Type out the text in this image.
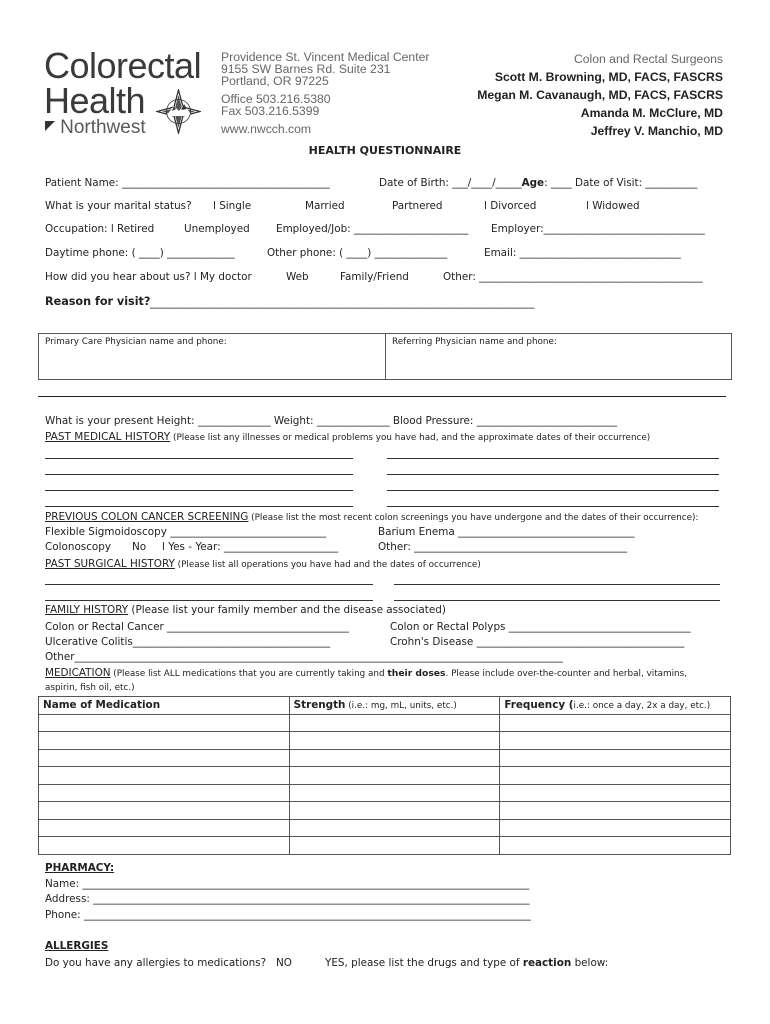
Colorectal
Health
Northwest
Providence St. Vincent Medical Center
9155 SW Barnes Rd. Suite 231
Portland, OR 97225
Office 503.216.5380
Fax 503.216.5399
www.nwcch.com
Colon and Rectal Surgeons
Scott M. Browning, MD, FACS, FASCRS
Megan M. Cavanaugh, MD, FACS, FASCRS
Amanda M. McClure, MD
Jeffrey V. Manchio, MD
HEALTH QUESTIONNAIRE
Patient Name: ________________________________________	Date of Birth: ___/____/_____Age: ____ Date of Visit: __________
What is your marital status? l Single	Married	Partnered	l Divorced	l Widowed
Occupation: l Retired	Unemployed	Employed/Job: ______________________ Employer:_______________________________
Daytime phone: ( ____) _____________	Other phone: ( ____) ______________	Email: _______________________________
How did you hear about us? l My doctor	Web	Family/Friend	Other: ___________________________________________
Reason for visit? __________________________________________________________________________
Primary Care Physician name and phone:	Referring Physician name and phone:
What is your present Height: ______________ Weight: ______________ Blood Pressure: ___________________________
PAST MEDICAL HISTORY (Please list any illnesses or medical problems you have had, and the approximate dates of their occurrence)
PREVIOUS COLON CANCER SCREENING (Please list the most recent colon screenings you have undergone and the dates of their occurrence):
Flexible Sigmoidoscopy ______________________________	Barium Enema __________________________________
Colonoscopy No l Yes - Year: ______________________	Other: _________________________________________
PAST SURGICAL HISTORY (Please list all operations you have had and the dates of occurrence)
FAMILY HISTORY (Please list your family member and the disease associated)
Colon or Rectal Cancer ___________________________________	Colon or Rectal Polyps ___________________________________
Ulcerative Colitis______________________________________	Crohn's Disease ________________________________________
Other______________________________________________________________________________________________
MEDICATION (Please list ALL medications that you are currently taking and their doses. Please include over-the-counter and herbal, vitamins,
aspirin, fish oil, etc.)
Name of Medication	Strength (i.e.: mg, mL, units, etc.)	Frequency (i.e.: once a day, 2x a day, etc.)

PHARMACY:
Name: ______________________________________________________________________________________
Address: ____________________________________________________________________________________
Phone: ______________________________________________________________________________________
ALLERGIES
Do you have any allergies to medications? NO	YES, please list the drugs and type of reaction below:
